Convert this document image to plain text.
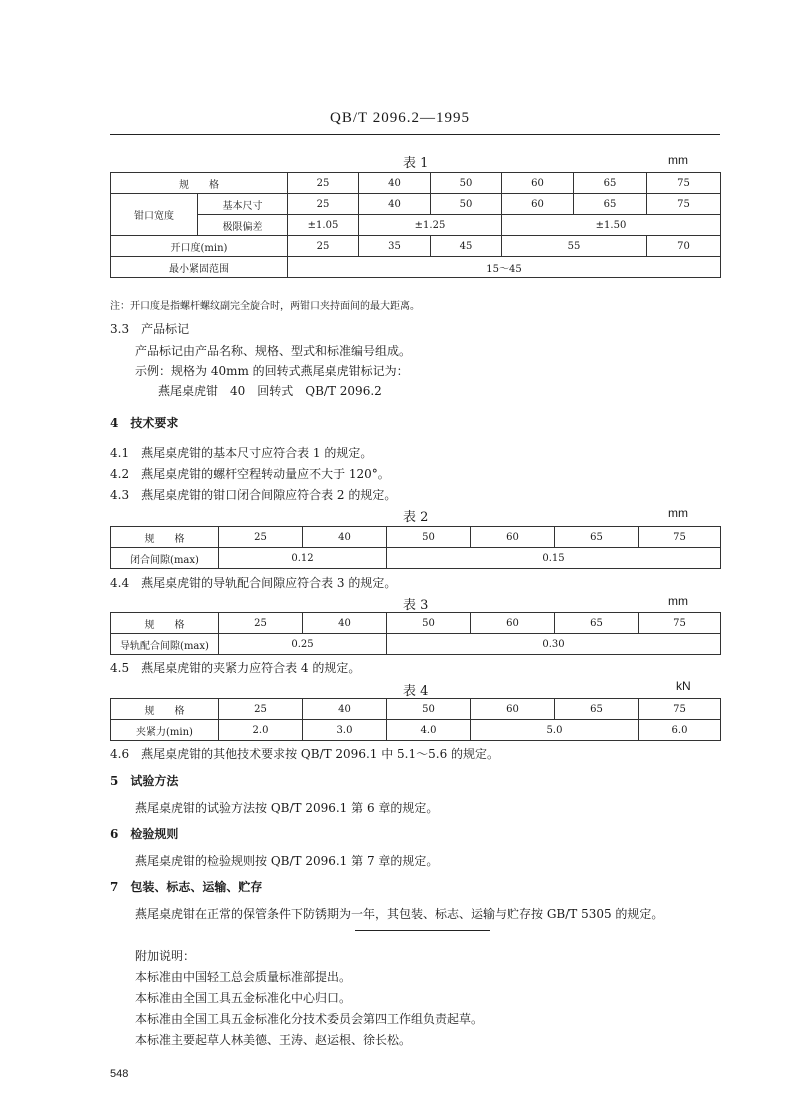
QB/T 2096.2—1995
表 1	mm
规　　格		25	40	50	60	65	75
钳口宽度	基本尺寸	25	40	50	60	65	75
	极限偏差	±1.05	±1.25		±1.50		
开口度(min)		25	35	45	55		70
最小紧固范围		15～45					
注：开口度是指螺杆螺纹副完全旋合时，两钳口夹持面间的最大距离。
3.3　产品标记
产品标记由产品名称、规格、型式和标准编号组成。
示例：规格为 40mm 的回转式燕尾桌虎钳标记为：
燕尾桌虎钳　40　回转式　QB/T 2096.2
4　技术要求
4.1　燕尾桌虎钳的基本尺寸应符合表 1 的规定。
4.2　燕尾桌虎钳的螺杆空程转动量应不大于 120°。
4.3　燕尾桌虎钳的钳口闭合间隙应符合表 2 的规定。
表 2	mm
规　　格	25	40	50	60	65	75
闭合间隙(max)	0.12		0.15			
4.4　燕尾桌虎钳的导轨配合间隙应符合表 3 的规定。
表 3	mm
规　　格	25	40	50	60	65	75
导轨配合间隙(max)	0.25		0.30			
4.5　燕尾桌虎钳的夹紧力应符合表 4 的规定。
表 4	kN
规　　格	25	40	50	60	65	75
夹紧力(min)	2.0	3.0	4.0	5.0		6.0
4.6　燕尾桌虎钳的其他技术要求按 QB/T 2096.1 中 5.1～5.6 的规定。
5　试验方法
燕尾桌虎钳的试验方法按 QB/T 2096.1 第 6 章的规定。
6　检验规则
燕尾桌虎钳的检验规则按 QB/T 2096.1 第 7 章的规定。
7　包装、标志、运输、贮存
燕尾桌虎钳在正常的保管条件下防锈期为一年，其包装、标志、运输与贮存按 GB/T 5305 的规定。
附加说明：
本标准由中国轻工总会质量标准部提出。
本标准由全国工具五金标准化中心归口。
本标准由全国工具五金标准化分技术委员会第四工作组负责起草。
本标准主要起草人林美德、王涛、赵运根、徐长松。
548
